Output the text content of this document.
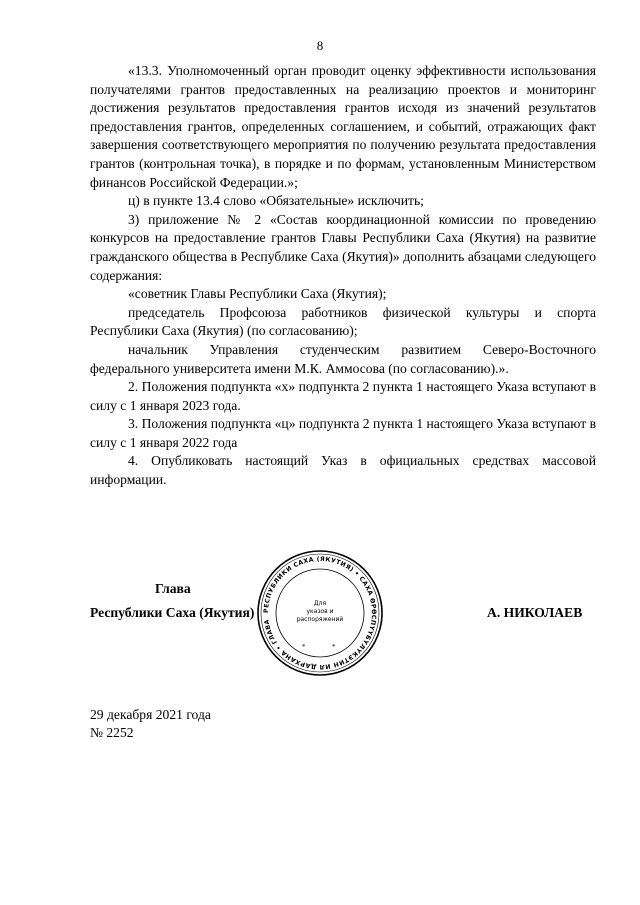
8

«13.3. Уполномоченный орган проводит оценку эффективности использования получателями грантов предоставленных на реализацию проектов и мониторинг достижения результатов предоставления грантов исходя из значений результатов предоставления грантов, определенных соглашением, и событий, отражающих факт завершения соответствующего мероприятия по получению результата предоставления грантов (контрольная точка), в порядке и по формам, установленным Министерством финансов Российской Федерации.»;

ц) в пункте 13.4 слово «Обязательные» исключить;

3) приложение № 2 «Состав координационной комиссии по проведению конкурсов на предоставление грантов Главы Республики Саха (Якутия) на развитие гражданского общества в Республике Саха (Якутия)» дополнить абзацами следующего содержания:

«советник Главы Республики Саха (Якутия);

председатель Профсоюза работников физической культуры и спорта Республики Саха (Якутия) (по согласованию);

начальник Управления студенческим развитием Северо-Восточного федерального университета имени М.К. Аммосова (по согласованию).».

2. Положения подпункта «х» подпункта 2 пункта 1 настоящего Указа вступают в силу с 1 января 2023 года.

3. Положения подпункта «ц» подпункта 2 пункта 1 настоящего Указа вступают в силу с 1 января 2022 года

4. Опубликовать настоящий Указ в официальных средствах массовой информации.

Глава
Республики Саха (Якутия)	А. НИКОЛАЕВ
РЕСПУБЛИКИ САХА (ЯКУТИЯ) • САХА ӨРӨСПҮҮБҮЛҮКЭТИН ИЛ ДАРХАНА • ГЛАВА
Для
указов и
распоряжений
*	*
29 декабря 2021 года
№ 2252
